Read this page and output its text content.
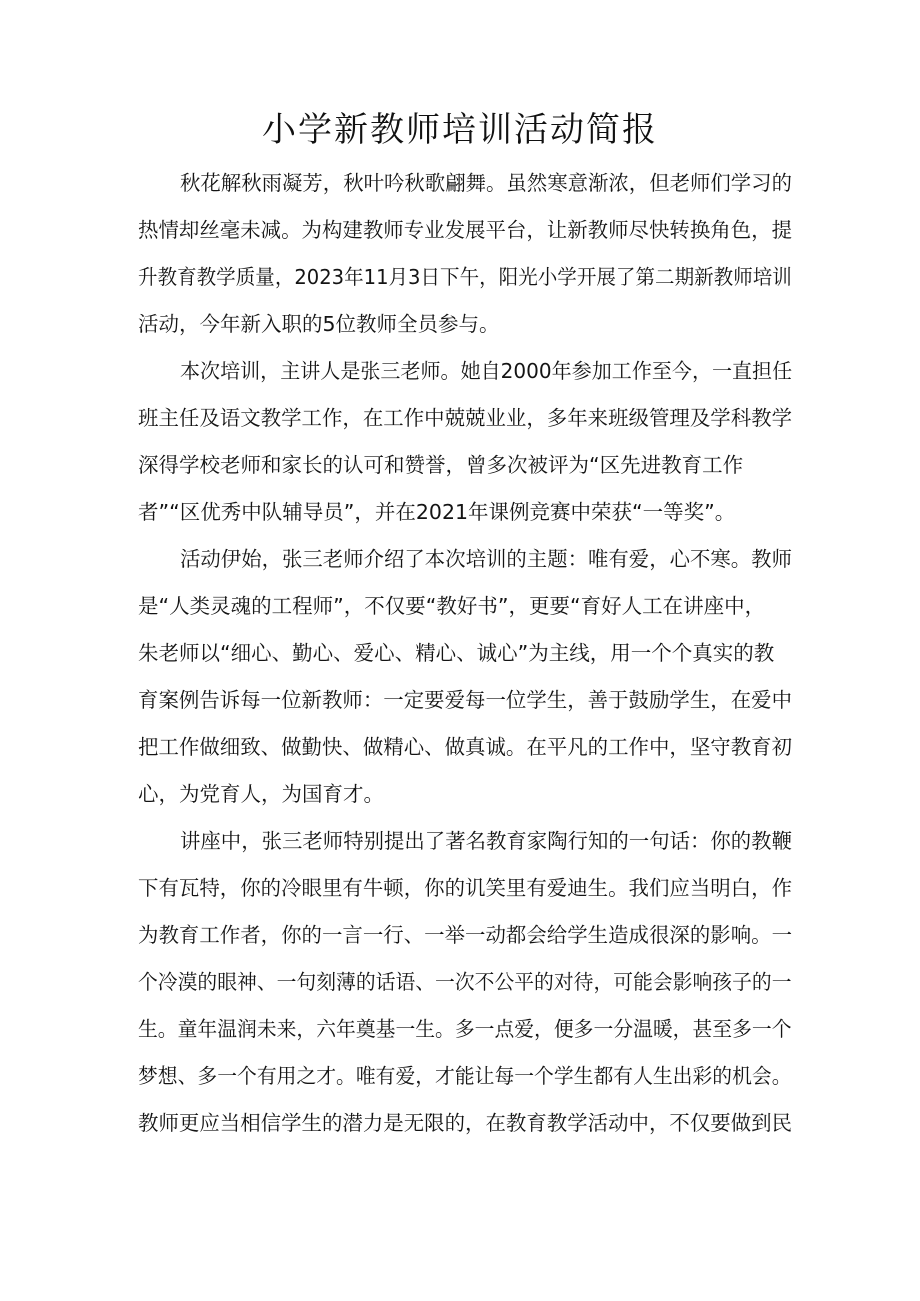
小学新教师培训活动简报
秋花解秋雨凝芳，秋叶吟秋歌翩舞。虽然寒意渐浓，但老师们学习的
热情却丝毫未减。为构建教师专业发展平台，让新教师尽快转换角色，提
升教育教学质量，2023年11月3日下午，阳光小学开展了第二期新教师培训
活动，今年新入职的5位教师全员参与。
本次培训，主讲人是张三老师。她自2000年参加工作至今，一直担任
班主任及语文教学工作，在工作中兢兢业业，多年来班级管理及学科教学
深得学校老师和家长的认可和赞誉，曾多次被评为“区先进教育工作
者”“区优秀中队辅导员”，并在2021年课例竞赛中荣获“一等奖”。
活动伊始，张三老师介绍了本次培训的主题：唯有爱，心不寒。教师
是“人类灵魂的工程师”，不仅要“教好书”，更要“育好人工在讲座中，
朱老师以“细心、勤心、爱心、精心、诚心”为主线，用一个个真实的教
育案例告诉每一位新教师：一定要爱每一位学生，善于鼓励学生，在爱中
把工作做细致、做勤快、做精心、做真诚。在平凡的工作中，坚守教育初
心，为党育人，为国育才。
讲座中，张三老师特别提出了著名教育家陶行知的一句话：你的教鞭
下有瓦特，你的冷眼里有牛顿，你的讥笑里有爱迪生。我们应当明白，作
为教育工作者，你的一言一行、一举一动都会给学生造成很深的影响。一
个冷漠的眼神、一句刻薄的话语、一次不公平的对待，可能会影响孩子的一
生。童年温润未来，六年奠基一生。多一点爱，便多一分温暖，甚至多一个
梦想、多一个有用之才。唯有爱，才能让每一个学生都有人生出彩的机会。
教师更应当相信学生的潜力是无限的，在教育教学活动中，不仅要做到民
